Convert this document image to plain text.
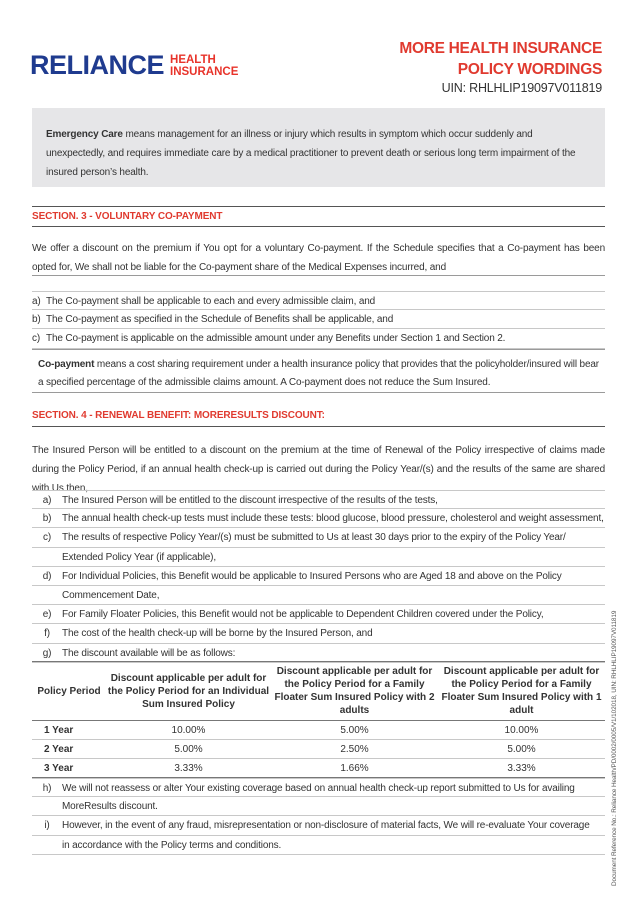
RELIANCE HEALTH
INSURANCE
MORE HEALTH INSURANCE
POLICY WORDINGS
UIN: RHLHLIP19097V011819

Emergency Care means management for an illness or injury which results in symptom which occur suddenly and unexpectedly, and requires immediate care by a medical practitioner to prevent death or serious long term impairment of the insured person’s health.

SECTION. 3 - VOLUNTARY CO-PAYMENT
We offer a discount on the premium if You opt for a voluntary Co-payment. If the Schedule specifies that a Co-payment has been opted for, We shall not be liable for the Co-payment share of the Medical Expenses incurred, and
a) The Co-payment shall be applicable to each and every admissible claim, and
b) The Co-payment as specified in the Schedule of Benefits shall be applicable, and
c) The Co-payment is applicable on the admissible amount under any Benefits under Section 1 and Section 2.

Co-payment means a cost sharing requirement under a health insurance policy that provides that the policyholder/insured will bear a specified percentage of the admissible claims amount. A Co-payment does not reduce the Sum Insured.

SECTION. 4 - RENEWAL BENEFIT: MORERESULTS DISCOUNT:
The Insured Person will be entitled to a discount on the premium at the time of Renewal of the Policy irrespective of claims made during the Policy Period, if an annual health check-up is carried out during the Policy Year/(s) and the results of the same are shared with Us then,
a)	The Insured Person will be entitled to the discount irrespective of the results of the tests,
b)	The annual health check-up tests must include these tests: blood glucose, blood pressure, cholesterol and weight assessment,
c)	The results of respective Policy Year/(s) must be submitted to Us at least 30 days prior to the expiry of the Policy Year/
Extended Policy Year (if applicable),
d)	For Individual Policies, this Benefit would be applicable to Insured Persons who are Aged 18 and above on the Policy
Commencement Date,
e)	For Family Floater Policies, this Benefit would not be applicable to Dependent Children covered under the Policy,
f)	The cost of the health check-up will be borne by the Insured Person, and
g)	The discount available will be as follows:
Policy Period	Discount applicable per adult for the Policy Period for an Individual Sum Insured Policy	Discount applicable per adult for the Policy Period for a Family Floater Sum Insured Policy with 2 adults	Discount applicable per adult for the Policy Period for a Family Floater Sum Insured Policy with 1 adult
1 Year	10.00%	5.00%	10.00%
2 Year	5.00%	2.50%	5.00%
3 Year	3.33%	1.66%	3.33%
h)	We will not reassess or alter Your existing coverage based on annual health check-up report submitted to Us for availing
MoreResults discount.
i)	However, in the event of any fraud, misrepresentation or non-disclosure of material facts, We will re-evaluate Your coverage
in accordance with the Policy terms and conditions.	Document Reference No.: Reliance Health/PD/0002/0005/V1/102018, UIN: RHLHLIP19097V011819
